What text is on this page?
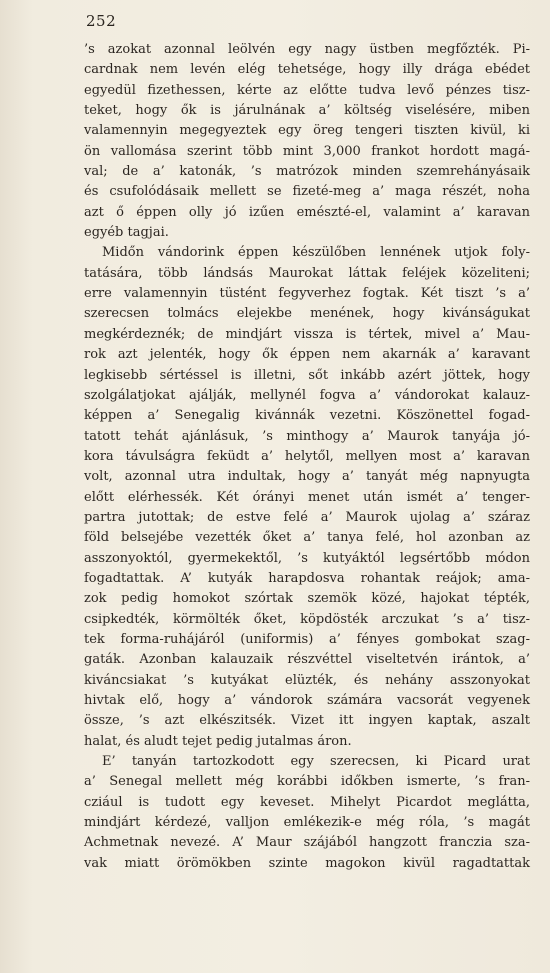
252
’s azokat azonnal leölvén egy nagy üstben megfőzték. Pi-
cardnak nem levén elég tehetsége, hogy illy drága ebédet
egyedül fizethessen, kérte az előtte tudva levő pénzes tisz-
teket, hogy ők is járulnának a’ költség viselésére, miben
valamennyin megegyeztek egy öreg tengeri tiszten kivül, ki
ön vallomása szerint több mint 3,000 frankot hordott magá-
val; de a’ katonák, ’s matrózok minden szemrehányásaik
és csufolódásaik mellett se fizeté-meg a’ maga részét, noha
azt ő éppen olly jó izűen emészté-el, valamint a’ karavan
egyéb tagjai.
Midőn vándorink éppen készülőben lennének utjok foly-
tatására, több lándsás Maurokat láttak feléjek közeliteni;
erre valamennyin tüstént fegyverhez fogtak. Két tiszt ’s a’
szerecsen tolmács elejekbe menének, hogy kivánságukat
megkérdeznék; de mindjárt vissza is tértek, mivel a’ Mau-
rok azt jelenték, hogy ők éppen nem akarnák a’ karavant
legkisebb sértéssel is illetni, sőt inkább azért jöttek, hogy
szolgálatjokat ajálják, mellynél fogva a’ vándorokat kalauz-
képpen a’ Senegalig kivánnák vezetni. Köszönettel fogad-
tatott tehát ajánlásuk, ’s minthogy a’ Maurok tanyája jó-
kora távulságra feküdt a’ helytől, mellyen most a’ karavan
volt, azonnal utra indultak, hogy a’ tanyát még napnyugta
előtt elérhessék. Két órányi menet után ismét a’ tenger-
partra jutottak; de estve felé a’ Maurok ujolag a’ száraz
föld belsejébe vezették őket a’ tanya felé, hol azonban az
asszonyoktól, gyermekektől, ’s kutyáktól legsértőbb módon
fogadtattak. A’ kutyák harapdosva rohantak reájok; ama-
zok pedig homokot szórtak szemök közé, hajokat tépték,
csipkedték, körmölték őket, köpdösték arczukat ’s a’ tisz-
tek forma-ruhájáról (uniformis) a’ fényes gombokat szag-
gaták. Azonban kalauzaik részvéttel viseltetvén irántok, a’
kiváncsiakat ’s kutyákat elüzték, és nehány asszonyokat
hivtak elő, hogy a’ vándorok számára vacsorát vegyenek
össze, ’s azt elkészitsék. Vizet itt ingyen kaptak, aszalt
halat, és aludt tejet pedig jutalmas áron.
E’ tanyán tartozkodott egy szerecsen, ki Picard urat
a’ Senegal mellett még korábbi időkben ismerte, ’s fran-
cziául is tudott egy keveset. Mihelyt Picardot meglátta,
mindjárt kérdezé, valljon emlékezik-e még róla, ’s magát
Achmetnak nevezé. A’ Maur szájából hangzott franczia sza-
vak miatt örömökben szinte magokon kivül ragadtattak
